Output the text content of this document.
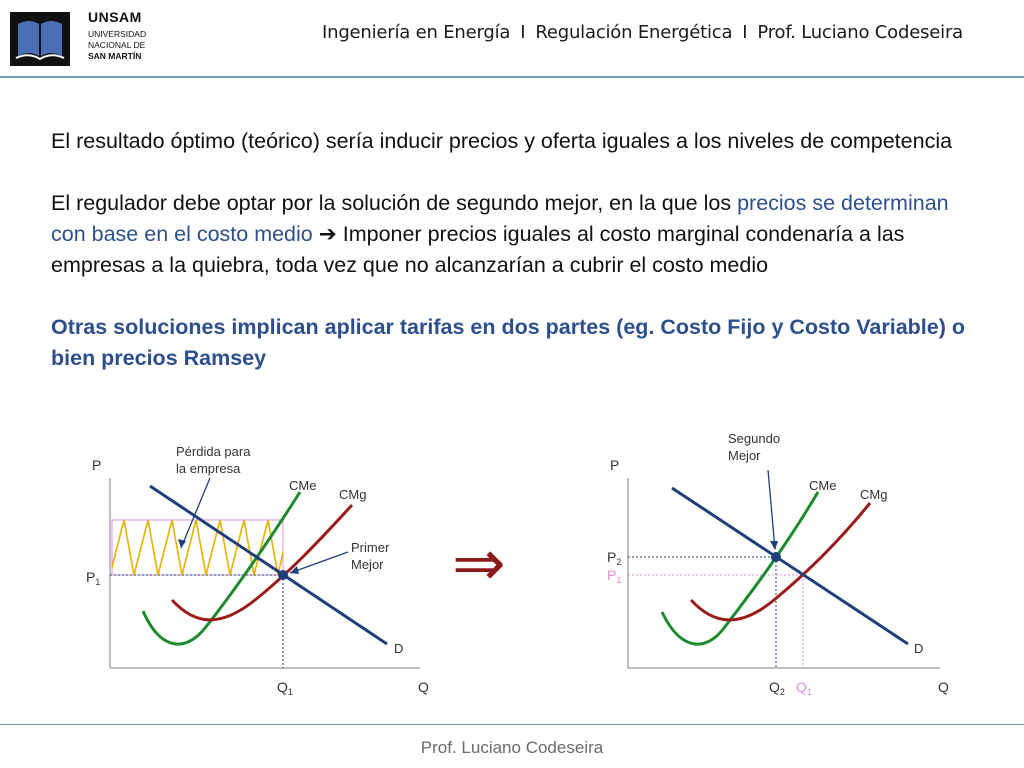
UNSAM
UNIVERSIDAD
NACIONAL DE
SAN MARTÍN
Ingeniería en Energía I Regulación Energética I Prof. Luciano Codeseira

El resultado óptimo (teórico) sería inducir precios y oferta iguales a los niveles de competencia

El regulador debe optar por la solución de segundo mejor, en la que los precios se determinan con base en el costo medio ➔ Imponer precios iguales al costo marginal condenaría a las empresas a la quiebra, toda vez que no alcanzarían a cubrir el costo medio

Otras soluciones implican aplicar tarifas en dos partes (eg. Costo Fijo y Costo Variable) o bien precios Ramsey

P
Q
$P_1$
$Q_1$
Pérdida para la empresa
CMe
CMg
Primer Mejor
D
⇒
P
Q
$P_2$
$P_1$
$Q_2$ $Q_1$
Segundo Mejor
CMe
CMg
D
Prof. Luciano Codeseira
